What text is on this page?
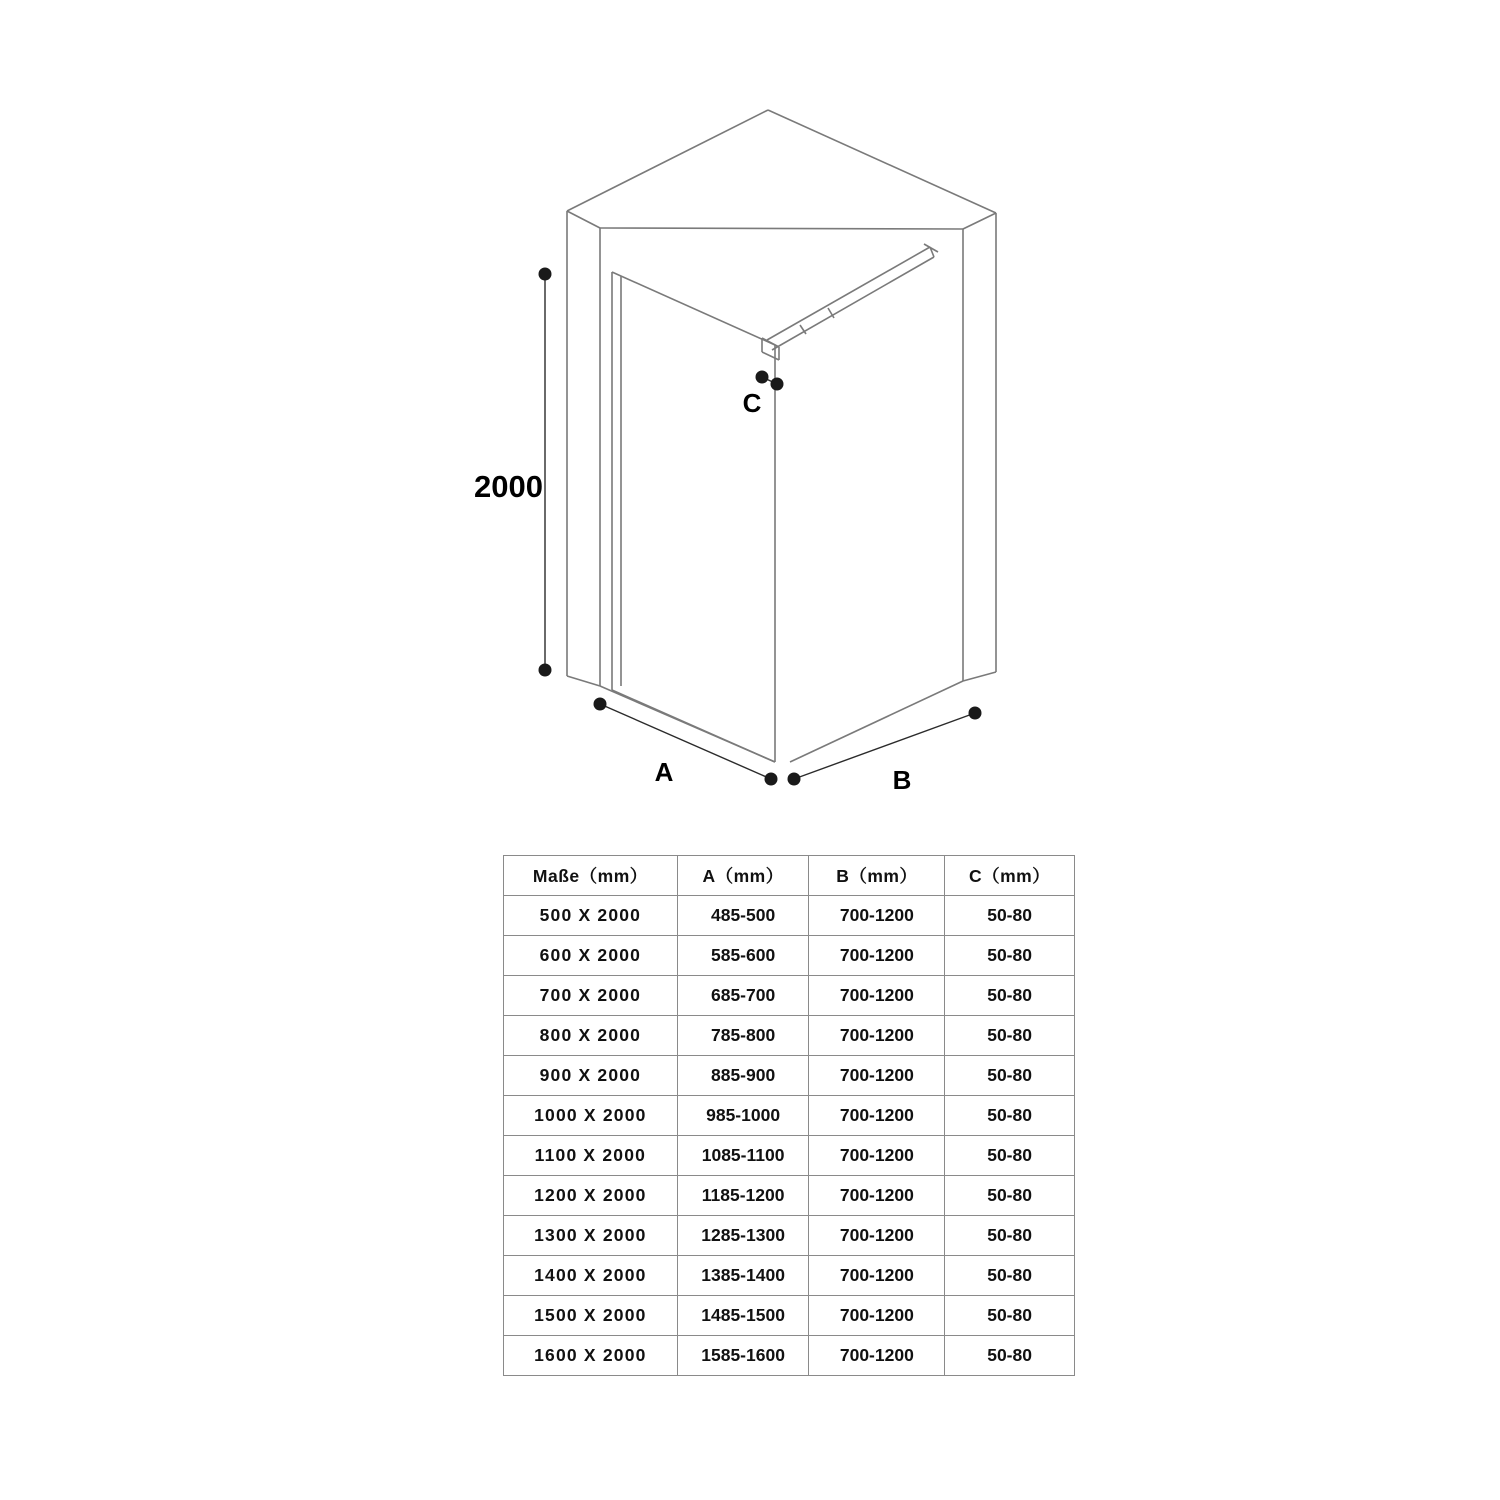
2000
A	B
C
Maße（mm）	A（mm）	B（mm）	C（mm）
500 X 2000	485-500	700-1200	50-80
600 X 2000	585-600	700-1200	50-80
700 X 2000	685-700	700-1200	50-80
800 X 2000	785-800	700-1200	50-80
900 X 2000	885-900	700-1200	50-80
1000 X 2000	985-1000	700-1200	50-80
1100 X 2000	1085-1100	700-1200	50-80
1200 X 2000	1185-1200	700-1200	50-80
1300 X 2000	1285-1300	700-1200	50-80
1400 X 2000	1385-1400	700-1200	50-80
1500 X 2000	1485-1500	700-1200	50-80
1600 X 2000	1585-1600	700-1200	50-80
